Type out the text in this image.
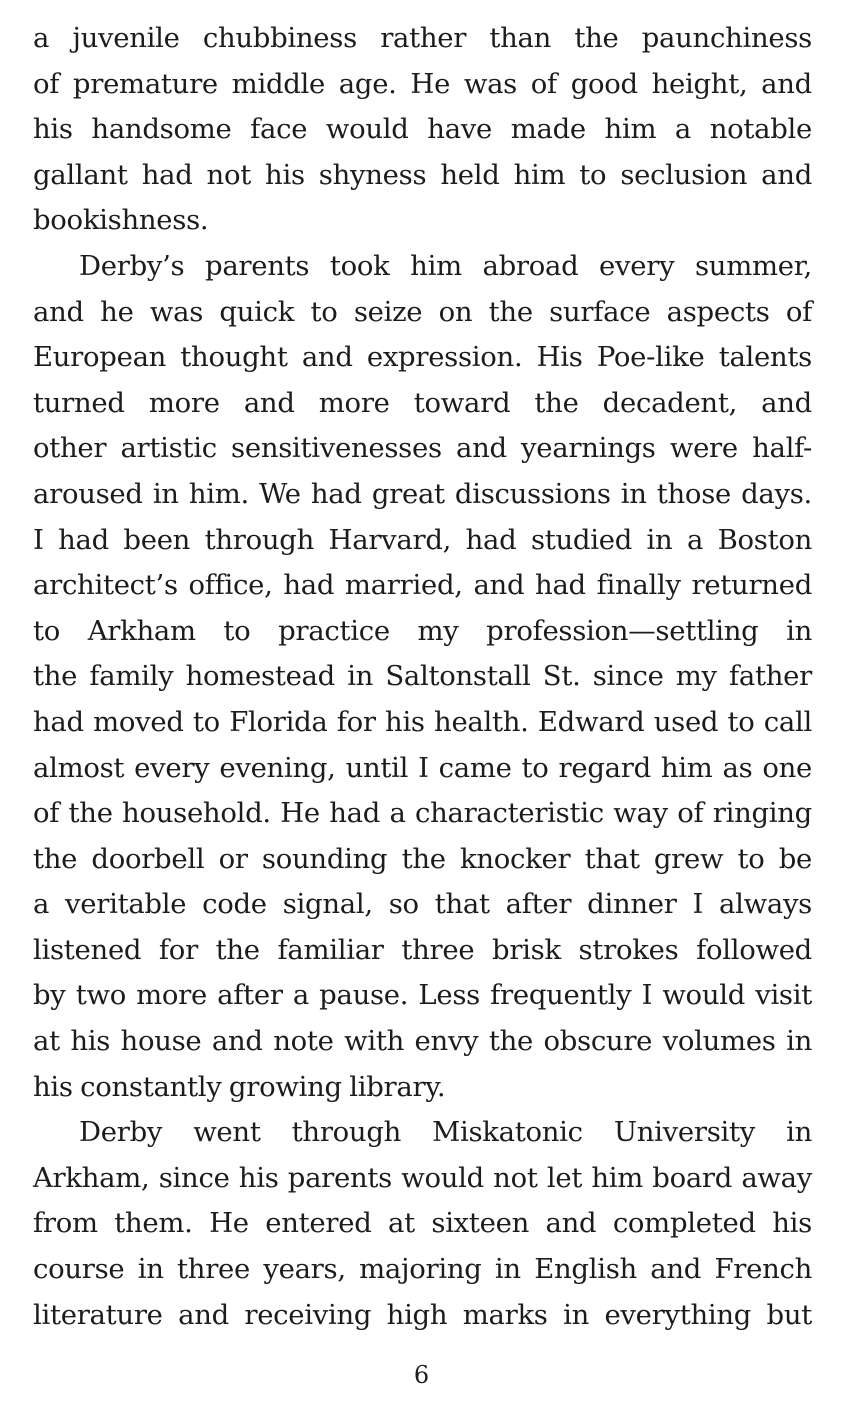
a juvenile chubbiness rather than the paunchiness
of premature middle age. He was of good height, and
his handsome face would have made him a notable
gallant had not his shyness held him to seclusion and
bookishness.
Derby’s parents took him abroad every summer,
and he was quick to seize on the surface aspects of
European thought and expression. His Poe-like talents
turned more and more toward the decadent, and
other artistic sensitivenesses and yearnings were half-
aroused in him. We had great discussions in those days.
I had been through Harvard, had studied in a Boston
architect’s office, had married, and had finally returned
to Arkham to practice my profession—settling in
the family homestead in Saltonstall St. since my father
had moved to Florida for his health. Edward used to call
almost every evening, until I came to regard him as one
of the household. He had a characteristic way of ringing
the doorbell or sounding the knocker that grew to be
a veritable code signal, so that after dinner I always
listened for the familiar three brisk strokes followed
by two more after a pause. Less frequently I would visit
at his house and note with envy the obscure volumes in
his constantly growing library.
Derby went through Miskatonic University in
Arkham, since his parents would not let him board away
from them. He entered at sixteen and completed his
course in three years, majoring in English and French
literature and receiving high marks in everything but
6
